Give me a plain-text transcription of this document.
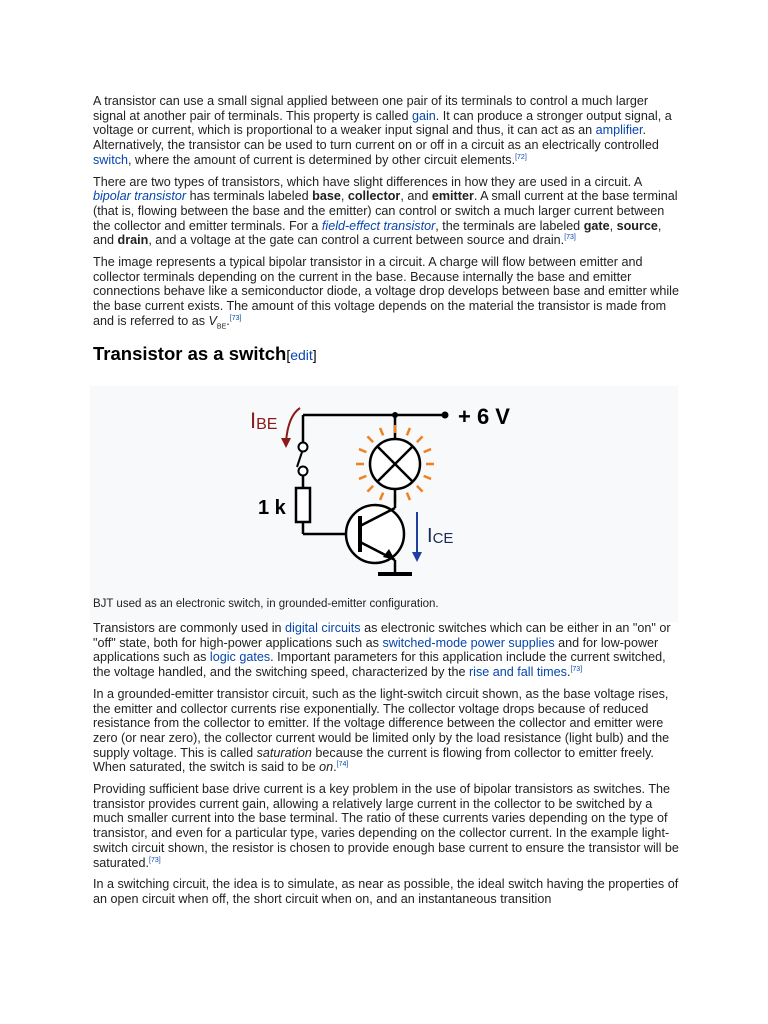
A transistor can use a small signal applied between one pair of its terminals to control a much larger signal at another pair of terminals. This property is called gain. It can produce a stronger output signal, a voltage or current, which is proportional to a weaker input signal and thus, it can act as an amplifier. Alternatively, the transistor can be used to turn current on or off in a circuit as an electrically controlled switch, where the amount of current is determined by other circuit elements.[72]

There are two types of transistors, which have slight differences in how they are used in a circuit. A bipolar transistor has terminals labeled base, collector, and emitter. A small current at the base terminal (that is, flowing between the base and the emitter) can control or switch a much larger current between the collector and emitter terminals. For a field-effect transistor, the terminals are labeled gate, source, and drain, and a voltage at the gate can control a current between source and drain.[73]

The image represents a typical bipolar transistor in a circuit. A charge will flow between emitter and collector terminals depending on the current in the base. Because internally the base and emitter connections behave like a semiconductor diode, a voltage drop develops between base and emitter while the base current exists. The amount of this voltage depends on the material the transistor is made from and is referred to as $V_{BE}.[73]$

Transistor as a switch[edit]
IBE	+ 6 V
1 k
ICE
BJT used as an electronic switch, in grounded-emitter configuration.

Transistors are commonly used in digital circuits as electronic switches which can be either in an "on" or "off" state, both for high-power applications such as switched-mode power supplies and for low-power applications such as logic gates. Important parameters for this application include the current switched, the voltage handled, and the switching speed, characterized by the rise and fall times.[73]

In a grounded-emitter transistor circuit, such as the light-switch circuit shown, as the base voltage rises, the emitter and collector currents rise exponentially. The collector voltage drops because of reduced resistance from the collector to emitter. If the voltage difference between the collector and emitter were zero (or near zero), the collector current would be limited only by the load resistance (light bulb) and the supply voltage. This is called saturation because the current is flowing from collector to emitter freely. When saturated, the switch is said to be on.[74]

Providing sufficient base drive current is a key problem in the use of bipolar transistors as switches. The transistor provides current gain, allowing a relatively large current in the collector to be switched by a much smaller current into the base terminal. The ratio of these currents varies depending on the type of transistor, and even for a particular type, varies depending on the collector current. In the example light-switch circuit shown, the resistor is chosen to provide enough base current to ensure the transistor will be saturated.[73]

In a switching circuit, the idea is to simulate, as near as possible, the ideal switch having the properties of an open circuit when off, the short circuit when on, and an instantaneous transition
